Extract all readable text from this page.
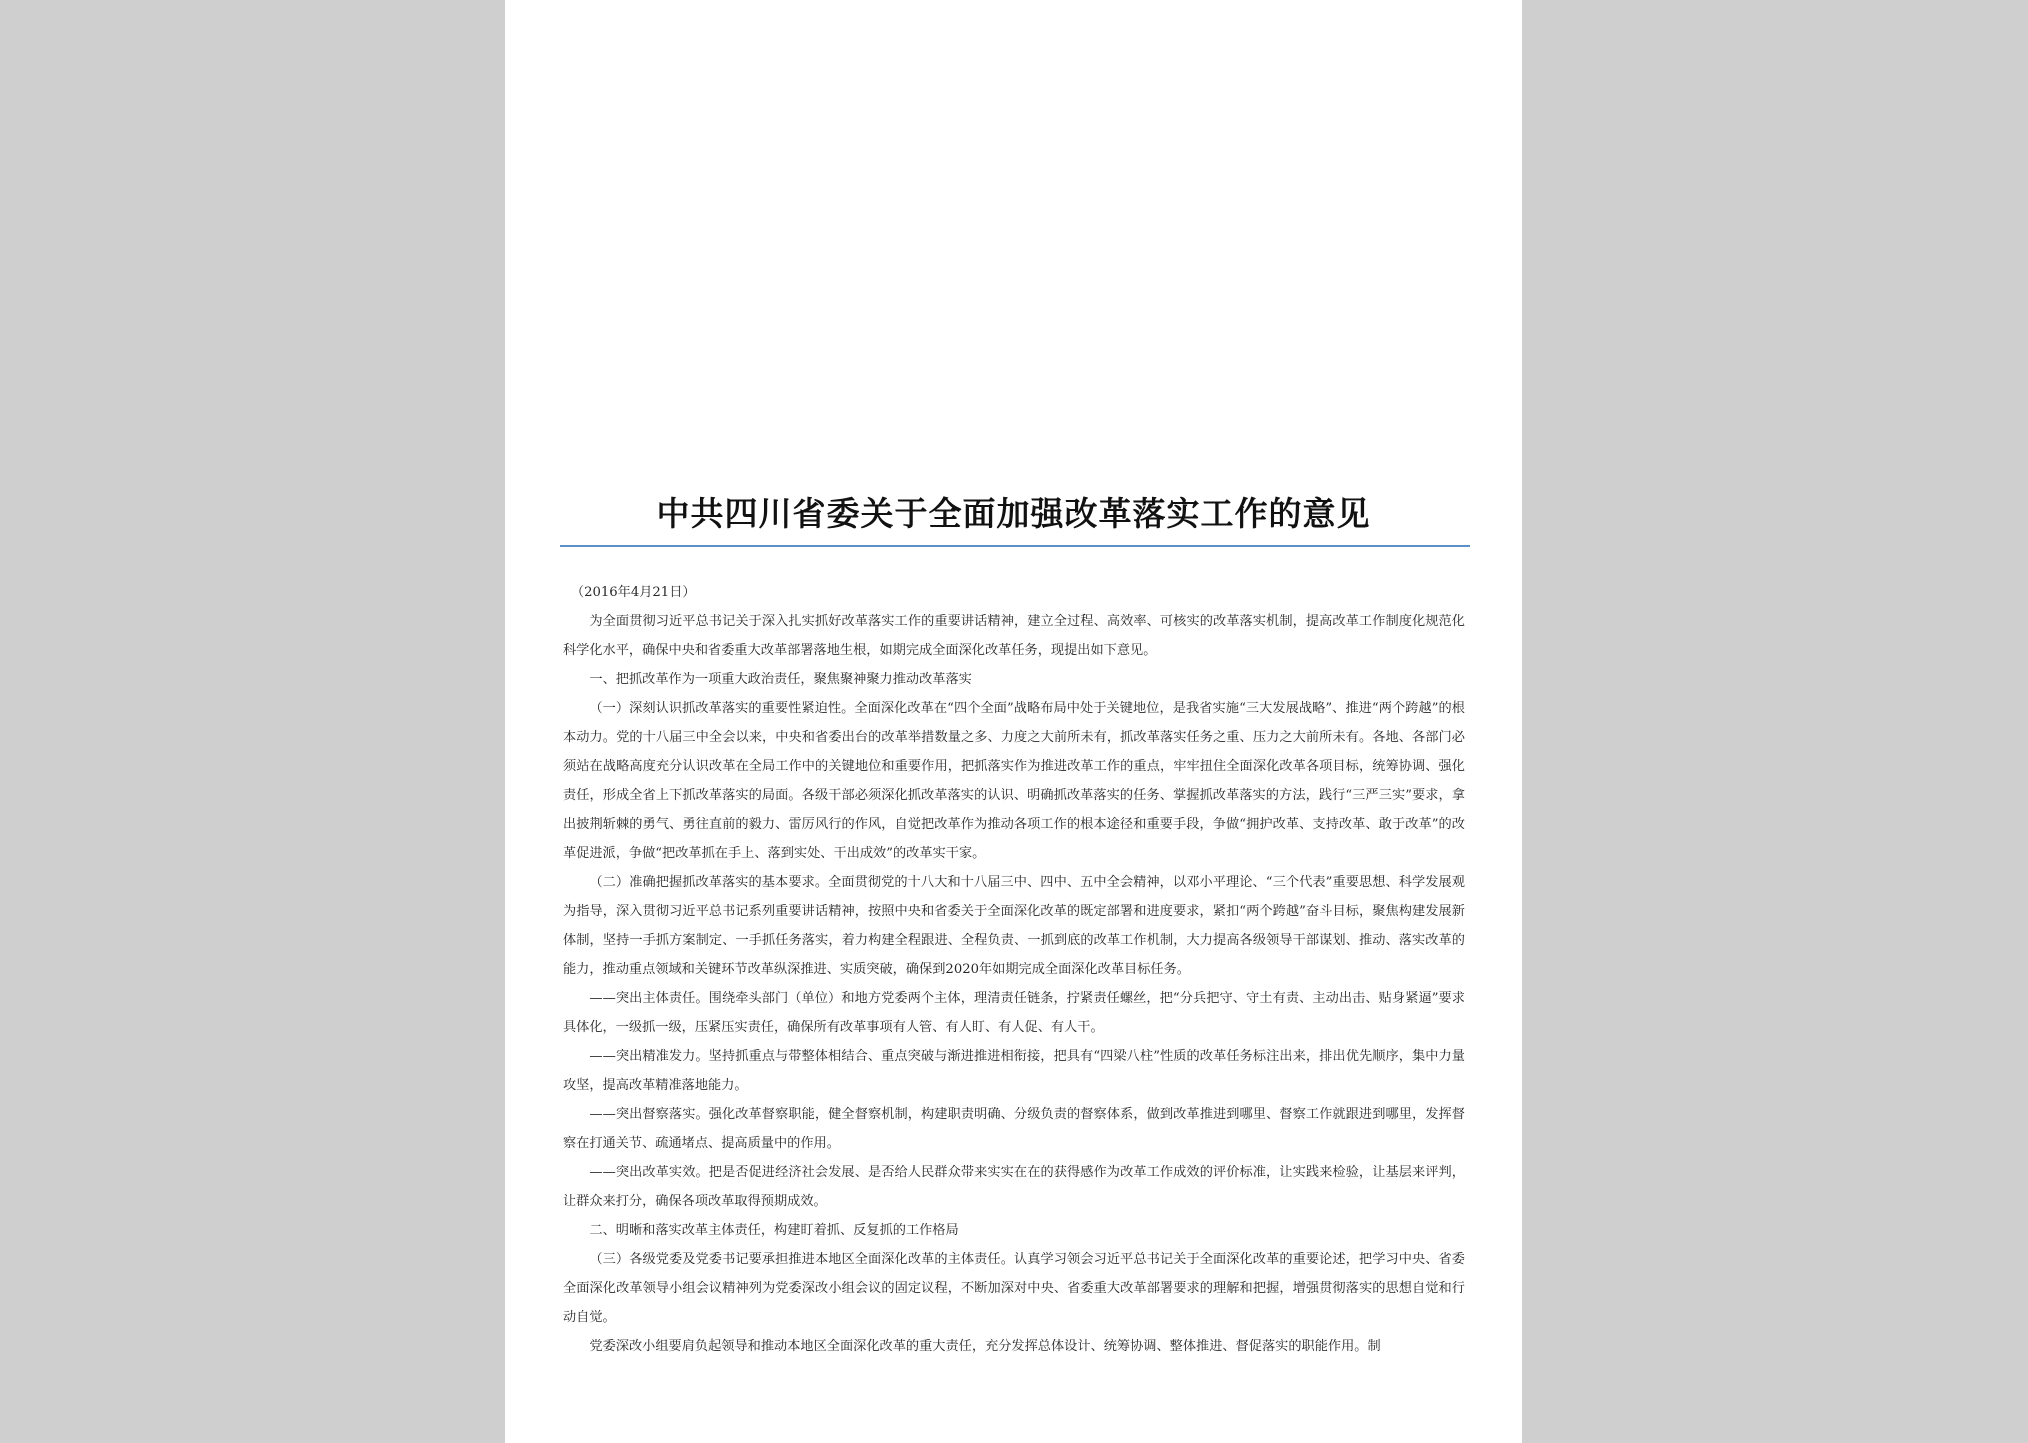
中共四川省委关于全面加强改革落实工作的意见

（2016年4月21日）

为全面贯彻习近平总书记关于深入扎实抓好改革落实工作的重要讲话精神，建立全过程、高效率、可核实的改革落实机制，提高改革工作制度化规范化科学化水平，确保中央和省委重大改革部署落地生根，如期完成全面深化改革任务，现提出如下意见。

一、把抓改革作为一项重大政治责任，聚焦聚神聚力推动改革落实

（一）深刻认识抓改革落实的重要性紧迫性。全面深化改革在“四个全面”战略布局中处于关键地位，是我省实施“三大发展战略”、推进“两个跨越”的根本动力。党的十八届三中全会以来，中央和省委出台的改革举措数量之多、力度之大前所未有，抓改革落实任务之重、压力之大前所未有。各地、各部门必须站在战略高度充分认识改革在全局工作中的关键地位和重要作用，把抓落实作为推进改革工作的重点，牢牢扭住全面深化改革各项目标，统筹协调、强化责任，形成全省上下抓改革落实的局面。各级干部必须深化抓改革落实的认识、明确抓改革落实的任务、掌握抓改革落实的方法，践行“三严三实”要求，拿出披荆斩棘的勇气、勇往直前的毅力、雷厉风行的作风，自觉把改革作为推动各项工作的根本途径和重要手段，争做“拥护改革、支持改革、敢于改革”的改革促进派，争做“把改革抓在手上、落到实处、干出成效”的改革实干家。

（二）准确把握抓改革落实的基本要求。全面贯彻党的十八大和十八届三中、四中、五中全会精神，以邓小平理论、“三个代表”重要思想、科学发展观为指导，深入贯彻习近平总书记系列重要讲话精神，按照中央和省委关于全面深化改革的既定部署和进度要求，紧扣“两个跨越”奋斗目标，聚焦构建发展新体制，坚持一手抓方案制定、一手抓任务落实，着力构建全程跟进、全程负责、一抓到底的改革工作机制，大力提高各级领导干部谋划、推动、落实改革的能力，推动重点领域和关键环节改革纵深推进、实质突破，确保到2020年如期完成全面深化改革目标任务。

——突出主体责任。围绕牵头部门（单位）和地方党委两个主体，理清责任链条，拧紧责任螺丝，把“分兵把守、守土有责、主动出击、贴身紧逼”要求具体化，一级抓一级，压紧压实责任，确保所有改革事项有人管、有人盯、有人促、有人干。

——突出精准发力。坚持抓重点与带整体相结合、重点突破与渐进推进相衔接，把具有“四梁八柱”性质的改革任务标注出来，排出优先顺序，集中力量攻坚，提高改革精准落地能力。

——突出督察落实。强化改革督察职能，健全督察机制，构建职责明确、分级负责的督察体系，做到改革推进到哪里、督察工作就跟进到哪里，发挥督察在打通关节、疏通堵点、提高质量中的作用。

——突出改革实效。把是否促进经济社会发展、是否给人民群众带来实实在在的获得感作为改革工作成效的评价标准，让实践来检验，让基层来评判，让群众来打分，确保各项改革取得预期成效。

二、明晰和落实改革主体责任，构建盯着抓、反复抓的工作格局

（三）各级党委及党委书记要承担推进本地区全面深化改革的主体责任。认真学习领会习近平总书记关于全面深化改革的重要论述，把学习中央、省委全面深化改革领导小组会议精神列为党委深改小组会议的固定议程，不断加深对中央、省委重大改革部署要求的理解和把握，增强贯彻落实的思想自觉和行动自觉。

党委深改小组要肩负起领导和推动本地区全面深化改革的重大责任，充分发挥总体设计、统筹协调、整体推进、督促落实的职能作用。制
